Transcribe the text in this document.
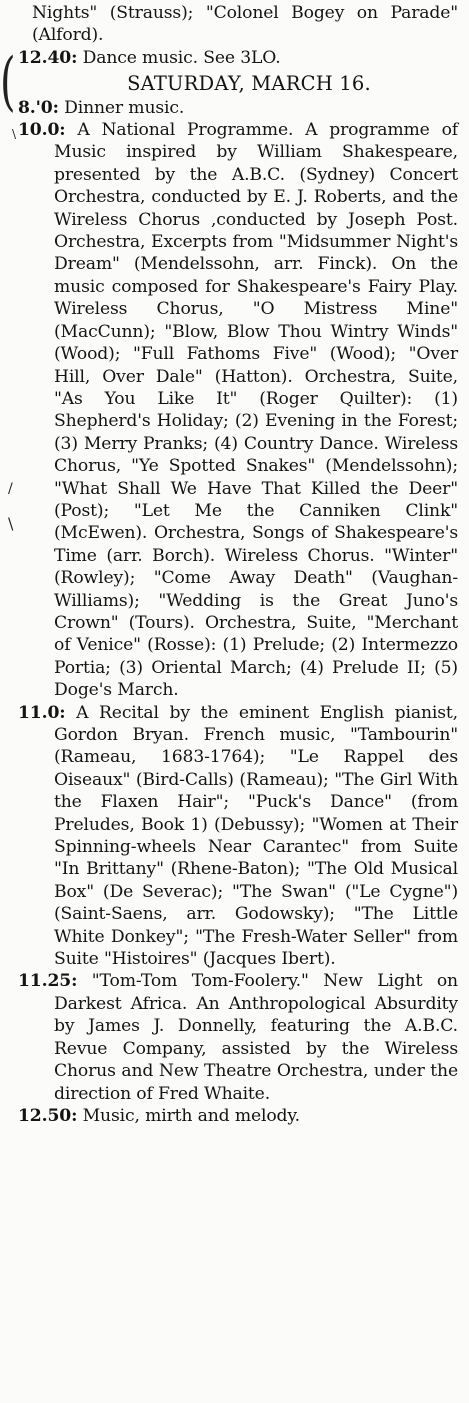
(
\
/
\

Nights" (Strauss); "Colonel Bogey on Parade" (Alford).

12.40: Dance music. See 3LO.

SATURDAY, MARCH 16.

8.'0: Dinner music.

10.0: A National Programme. A programme of Music inspired by William Shakespeare, presented by the A.B.C. (Sydney) Concert Orchestra, conducted by E. J. Roberts, and the Wireless Chorus ,conducted by Joseph Post. Orchestra, Excerpts from "Midsummer Night's Dream" (Mendelssohn, arr. Finck). On the music composed for Shakespeare's Fairy Play. Wireless Chorus, "O Mistress Mine" (MacCunn); "Blow, Blow Thou Wintry Winds" (Wood); "Full Fathoms Five" (Wood); "Over Hill, Over Dale" (Hatton). Orchestra, Suite, "As You Like It" (Roger Quilter): (1) Shepherd's Holiday; (2) Evening in the Forest; (3) Merry Pranks; (4) Country Dance. Wireless Chorus, "Ye Spotted Snakes" (Mendelssohn); "What Shall We Have That Killed the Deer" (Post); "Let Me the Canniken Clink" (McEwen). Orchestra, Songs of Shakespeare's Time (arr. Borch). Wireless Chorus. "Winter" (Rowley); "Come Away Death" (Vaughan-Williams); "Wedding is the Great Juno's Crown" (Tours). Orchestra, Suite, "Merchant of Venice" (Rosse): (1) Prelude; (2) Intermezzo Portia; (3) Oriental March; (4) Prelude II; (5) Doge's March.

11.0: A Recital by the eminent English pianist, Gordon Bryan. French music, "Tambourin" (Rameau, 1683-1764); "Le Rappel des Oiseaux" (Bird-Calls) (Rameau); "The Girl With the Flaxen Hair"; "Puck's Dance" (from Preludes, Book 1) (Debussy); "Women at Their Spinning-wheels Near Carantec" from Suite "In Brittany" (Rhene-Baton); "The Old Musical Box" (De Severac); "The Swan" ("Le Cygne") (Saint-Saens, arr. Godowsky); "The Little White Donkey"; "The Fresh-Water Seller" from Suite "Histoires" (Jacques Ibert).

11.25: "Tom-Tom Tom-Foolery." New Light on Darkest Africa. An Anthropological Absurdity by James J. Donnelly, featuring the A.B.C. Revue Company, assisted by the Wireless Chorus and New Theatre Orchestra, under the direction of Fred Whaite.

12.50: Music, mirth and melody.
